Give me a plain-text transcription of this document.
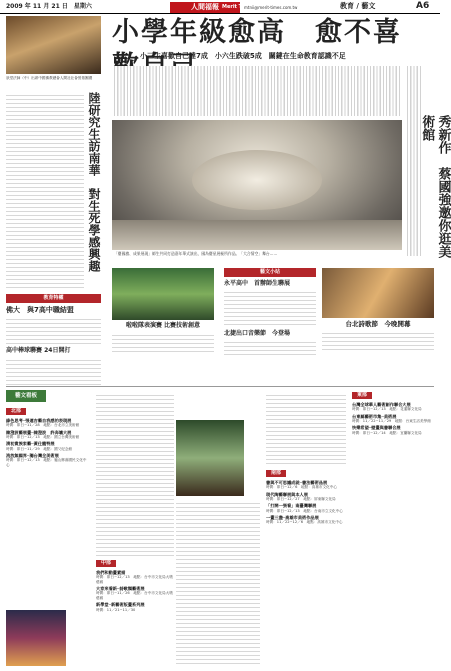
2009 年 11 月 21 日　星期六	人間福報 Merit Times
mtnii@merit-times.com.tw	教育 / 藝文	A6
小學年級愈高　愈不喜
小三生喜歡自己達7成　小六生跌破5成　關鍵在生命教育認識不足
狀堂法師（中）出席中國佛教總會人間社社會營基團禮
陸研究生訪南華　對生死學感興趣	「慶國旗、成果展現」師生共同打造嘉年華式演出，國為慶星展極所作品。「大合情空」舞台……	秀新作　蔡國強邀你逛美術館
教育特權
佛大　與7高中職結盟
高中棒球聯賽 24日開打
啦啦隊表演賽 比賽技術創意
藝文小站
永平高中　首辦師生聯展
北捷出口音樂節　今登場
台北詩歌節　今晚開幕
藝文看板
北部
綠色思考─張連吉藝自我感的表現展
時間：即日∼11／28　地點：台北市立美術館
陳澄波藝展畫─陳澄波　許奔壤大展
時間：即日∼12／13　地點：國立台灣美術館
清初貴族家藝─黃仕龍特展
時間：即日∼11／29　地點：國父紀念館
流放無國界─獨台灣全美術展
時間：即日∼12／13　地點：龜山鄉壽國民文化中心
中部
我們和動畫素描
時間：即日∼12／13　地點：台中市文化局大墩藝廊
大家來看新─詩歌類藝術展
時間：即日∼11／26　地點：台中市文化局大墩藝廊
新學堂─新藝術版畫系列展
時間：11／21∼11／30
南部
書與不可思議成就─書法藝術品展
時間：即日∼12／6　地點：高雄市文化中心
現代陶藝聯展與本人展
時間：即日∼12／27　地點：屏東縣文化局
「打開一張看」南臺灣聯展
時間：即日∼12／13　地點：台南市立文化中心
一畫三盡─高雄市美術作品展
時間：11／22∼12／6　地點：高雄市文化中心
東部
台灣全球華人藝術創作聯合大展
時間：即日∼12／13　地點：花蓮縣文化局
台東縣藝術市集─美術展
時間：11／22∼11／29　地點：台東生活美學館
快樂希望─壁畫與書聯合展
時間：即日∼12／14　地點：宜蘭縣文化局
